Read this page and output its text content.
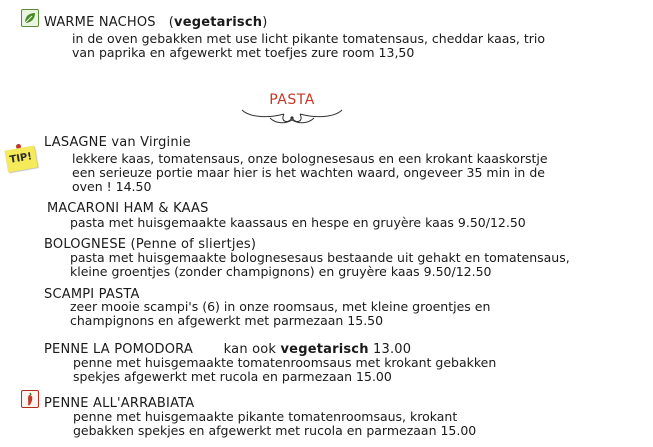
WARME NACHOS (vegetarisch)
in de oven gebakken met use licht pikante tomatensaus, cheddar kaas, trio
van paprika en afgewerkt met toefjes zure room 13,50
PASTA
TIP!
LASAGNE van Virginie
lekkere kaas, tomatensaus, onze bolognesesaus en een krokant kaaskorstje
een serieuze portie maar hier is het wachten waard, ongeveer 35 min in de
oven ! 14.50
MACARONI HAM & KAAS
pasta met huisgemaakte kaassaus en hespe en gruyère kaas 9.50/12.50
BOLOGNESE (Penne of sliertjes)
pasta met huisgemaakte bolognesesaus bestaande uit gehakt en tomatensaus,
kleine groentjes (zonder champignons) en gruyère kaas 9.50/12.50
SCAMPI PASTA
zeer mooie scampi's (6) in onze roomsaus, met kleine groentjes en
champignons en afgewerkt met parmezaan 15.50
PENNE LA POMODORA kan ook vegetarisch 13.00
penne met huisgemaakte tomatenroomsaus met krokant gebakken
spekjes afgewerkt met rucola en parmezaan 15.00
PENNE ALL'ARRABIATA
penne met huisgemaakte pikante tomatenroomsaus, krokant
gebakken spekjes en afgewerkt met rucola en parmezaan 15.00
